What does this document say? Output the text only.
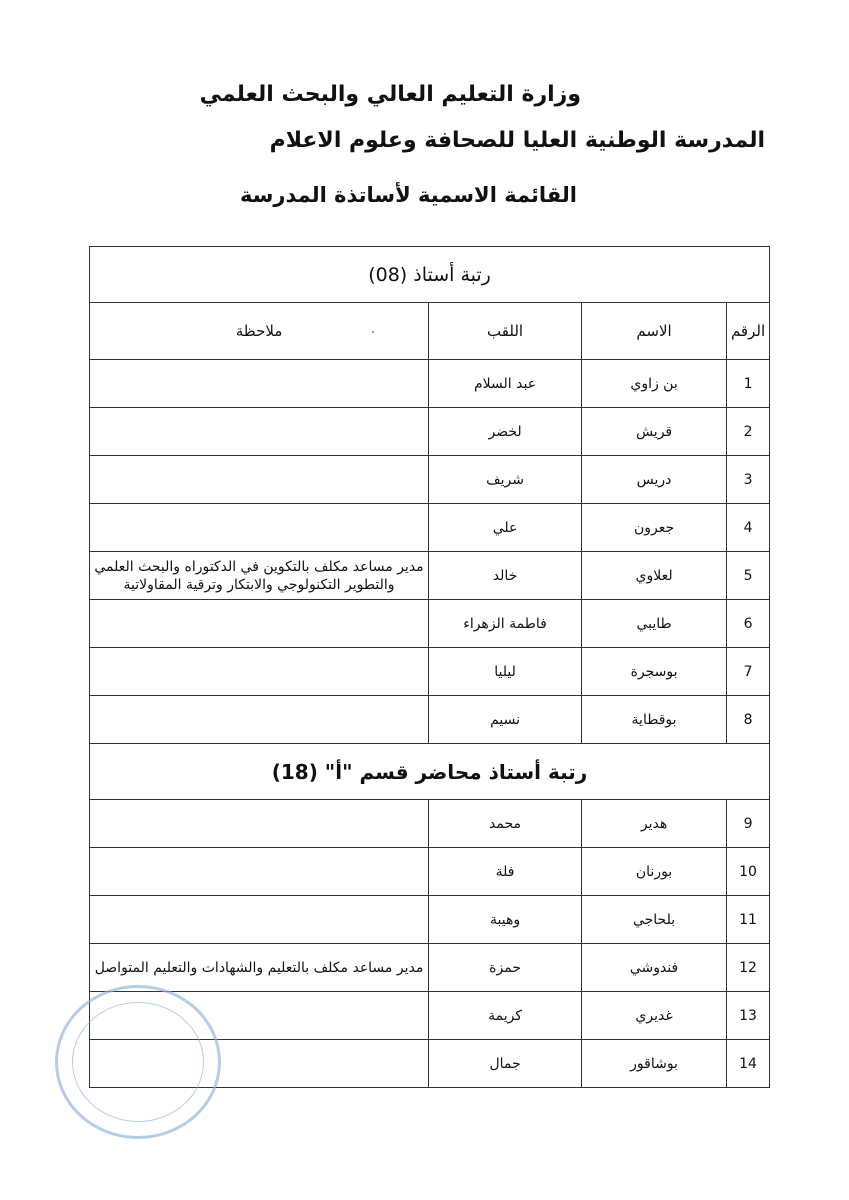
وزارة التعليم العالي والبحث العلمي
المدرسة الوطنية العليا للصحافة وعلوم الاعلام
القائمة الاسمية لأساتذة المدرسة
رتبة أستاذ (08)			
الرقم	الاسم	اللقب	ملاحظة
1	بن زاوي	عبد السلام	
2	قريش	لخضر	
3	دريس	شريف	
4	جعرون	علي	
5	لعلاوي	خالد	مدير مساعد مكلف بالتكوين في الدكتوراه والبحث العلمي والتطوير التكنولوجي والابتكار وترقية المقاولاتية
6	طايبي	فاطمة الزهراء	
7	بوسجرة	ليليا	
8	بوقطاية	نسيم	
رتبة أستاذ محاضر قسم "أ" (18)			
9	هدير	محمد	
10	بورنان	فلة	
11	بلحاجي	وهيبة	
12	فندوشي	حمزة	مدير مساعد مكلف بالتعليم والشهادات والتعليم المتواصل
13	غديري	كريمة	
14	بوشاقور	جمال	
